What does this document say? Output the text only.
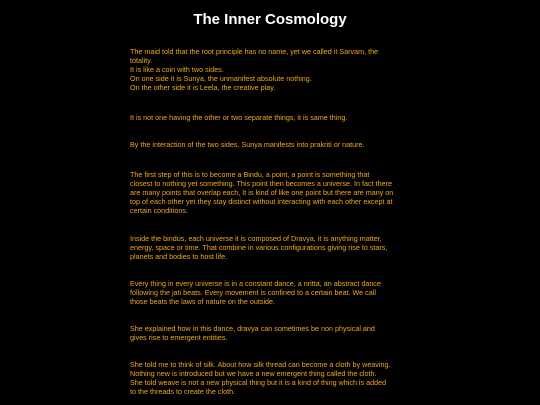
The Inner Cosmology

The maid told that the root principle has no name, yet we called it Sarvam, the
totality.
It is like a coin with two sides.
On one side it is Sunya, the unmanifest absolute nothing.
On the other side it is Leela, the creative play.

It is not one having the other or two separate things, it is same thing.

By the interaction of the two sides, Sunya manifests into prakriti or nature.

The first step of this is to become a Bindu, a point, a point is something that
closest to nothing yet something. This point then becomes a universe. In fact there
are many points that overlap each, It is kind of like one point but there are many on
top of each other yet they stay distinct without interacting with each other except at
certain conditions.

Inside the bindus, each universe it is composed of Dravya, it is anything matter,
energy, space or time. That combine in various configurations giving rise to stars,
planets and bodies to host life.

Every thing in every universe is in a constant dance, a nritta, an abstract dance
following the jati beats. Every movement is confined to a certain beat. We call
those beats the laws of nature on the outside.

She explained how in this dance, dravya can sometimes be non physical and
gives rise to emergent entities.

She told me to think of silk. About how silk thread can become a cloth by weaving.
Nothing new is introduced but we have a new emergent thing called the cloth.
She told weave is not a new physical thing but it is a kind of thing which is added
to the threads to create the cloth.
